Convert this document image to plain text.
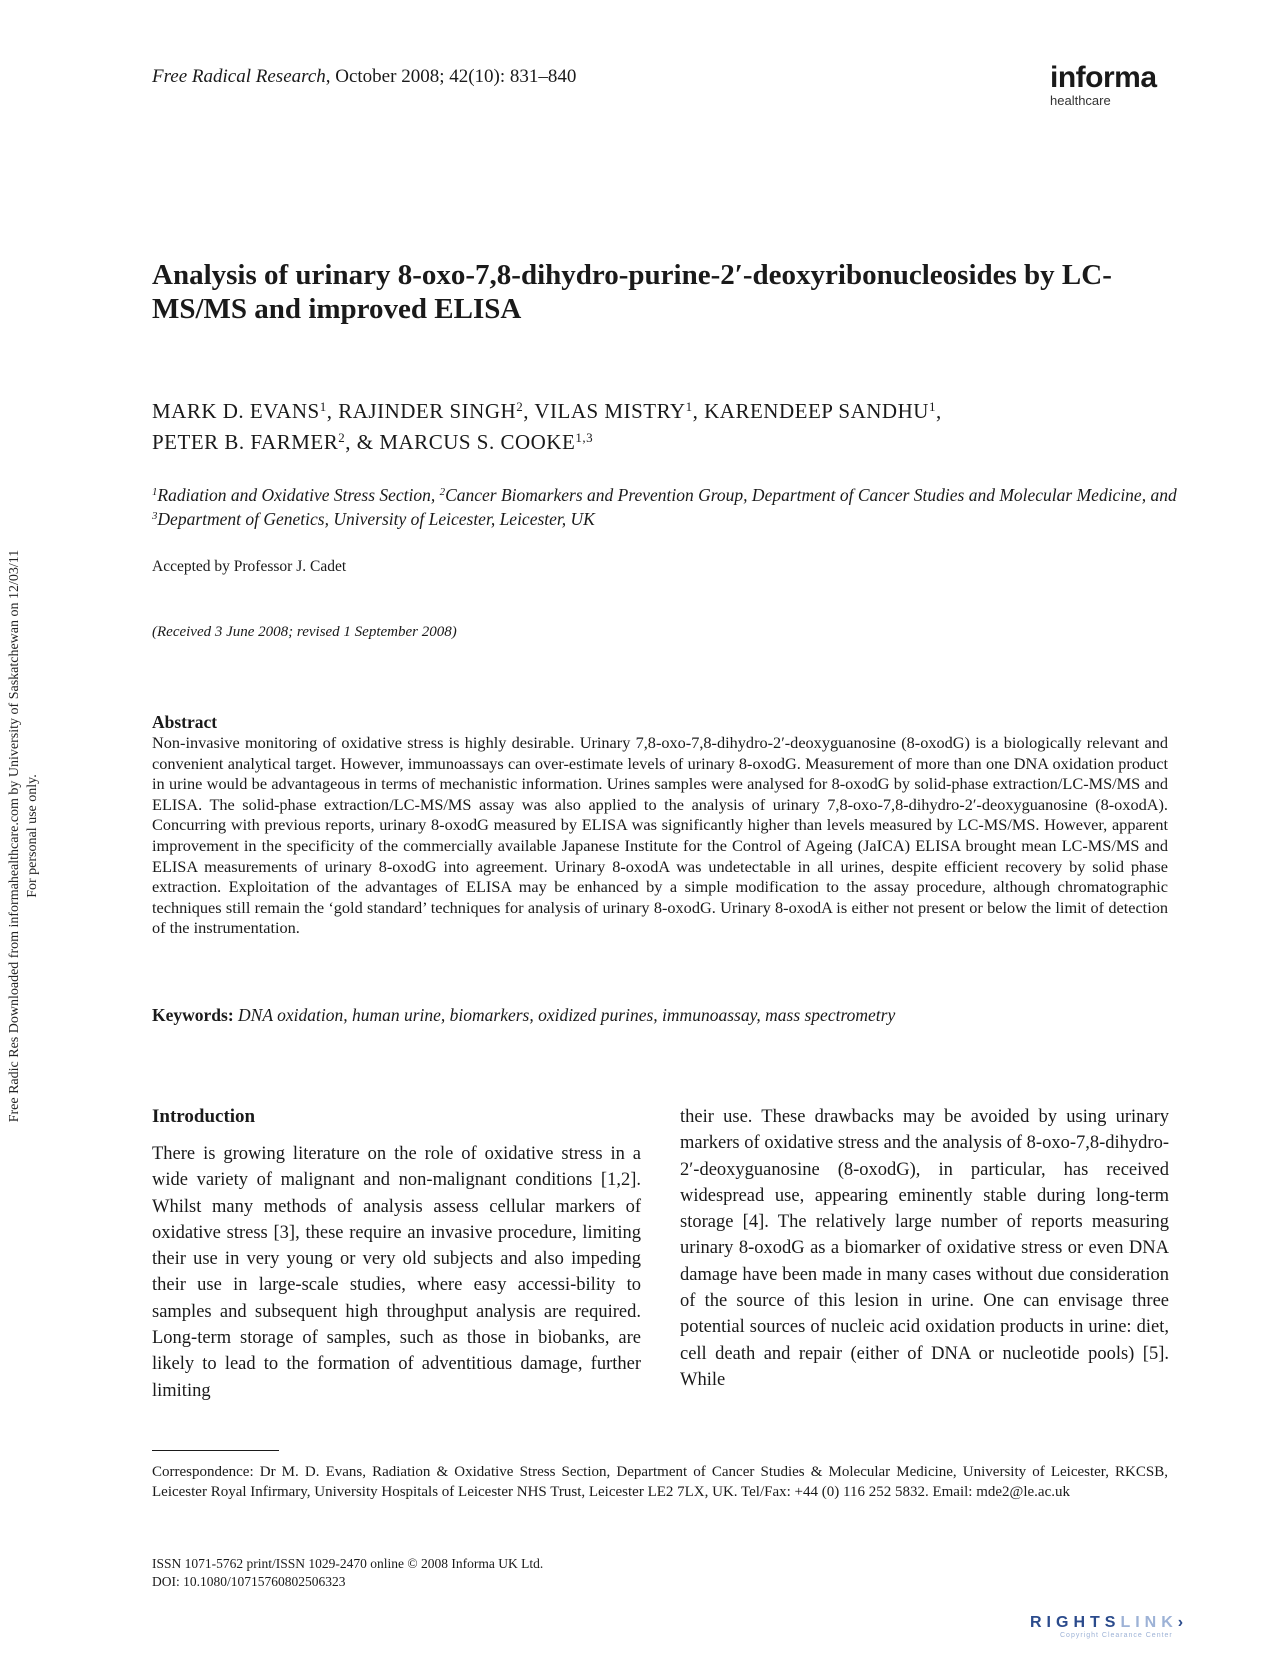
Free Radical Research, October 2008; 42(10): 831–840	informa
healthcare
Analysis of urinary 8-oxo-7,8-dihydro-purine-2′-deoxyribonucleosides by LC-MS/MS and improved ELISA
MARK D. EVANS$^1$, RAJINDER SINGH$^2$, VILAS MISTRY$^1$, KARENDEEP SANDHU$^1$,
PETER B. FARMER$^2$, & MARCUS S. COOKE$^{1,3}$
$^1$Radiation and Oxidative Stress Section, $^2$Cancer Biomarkers and Prevention Group, Department of Cancer Studies and Molecular Medicine, and $^3$Department of Genetics, University of Leicester, Leicester, UK
Accepted by Professor J. Cadet
(Received 3 June 2008; revised 1 September 2008)
Abstract
Non-invasive monitoring of oxidative stress is highly desirable. Urinary 7,8-oxo-7,8-dihydro-2′-deoxyguanosine (8-oxodG) is a biologically relevant and convenient analytical target. However, immunoassays can over-estimate levels of urinary 8-oxodG. Measurement of more than one DNA oxidation product in urine would be advantageous in terms of mechanistic information. Urines samples were analysed for 8-oxodG by solid-phase extraction/LC-MS/MS and ELISA. The solid-phase extraction/LC-MS/MS assay was also applied to the analysis of urinary 7,8-oxo-7,8-dihydro-2′-deoxyguanosine (8-oxodA). Concurring with previous reports, urinary 8-oxodG measured by ELISA was significantly higher than levels measured by LC-MS/MS. However, apparent improvement in the specificity of the commercially available Japanese Institute for the Control of Ageing (JaICA) ELISA brought mean LC-MS/MS and ELISA measurements of urinary 8-oxodG into agreement. Urinary 8-oxodA was undetectable in all urines, despite efficient recovery by solid phase extraction. Exploitation of the advantages of ELISA may be enhanced by a simple modification to the assay procedure, although chromatographic techniques still remain the ‘gold standard’ techniques for analysis of urinary 8-oxodG. Urinary 8-oxodA is either not present or below the limit of detection of the instrumentation.
Keywords: DNA oxidation, human urine, biomarkers, oxidized purines, immunoassay, mass spectrometry
Introduction
There is growing literature on the role of oxidative stress in a wide variety of malignant and non-malignant conditions [1,2]. Whilst many methods of analysis assess cellular markers of oxidative stress [3], these require an invasive procedure, limiting their use in very young or very old subjects and also impeding their use in large-scale studies, where easy accessi-bility to samples and subsequent high throughput analysis are required. Long-term storage of samples, such as those in biobanks, are likely to lead to the formation of adventitious damage, further limiting
their use. These drawbacks may be avoided by using urinary markers of oxidative stress and the analysis of 8-oxo-7,8-dihydro-2′-deoxyguanosine (8-oxodG), in particular, has received widespread use, appearing eminently stable during long-term storage [4]. The relatively large number of reports measuring urinary 8-oxodG as a biomarker of oxidative stress or even DNA damage have been made in many cases without due consideration of the source of this lesion in urine. One can envisage three potential sources of nucleic acid oxidation products in urine: diet, cell death and repair (either of DNA or nucleotide pools) [5]. While
Correspondence: Dr M. D. Evans, Radiation & Oxidative Stress Section, Department of Cancer Studies & Molecular Medicine, University of Leicester, RKCSB, Leicester Royal Infirmary, University Hospitals of Leicester NHS Trust, Leicester LE2 7LX, UK. Tel/Fax: +44 (0) 116 252 5832. Email: mde2@le.ac.uk
ISSN 1071-5762 print/ISSN 1029-2470 online © 2008 Informa UK Ltd.
DOI: 10.1080/10715760802506323
Free Radic Res Downloaded from informahealthcare.com by University of Saskatchewan on 12/03/11 For personal use only.
RIGHTSLINK›
Copyright Clearance Center
